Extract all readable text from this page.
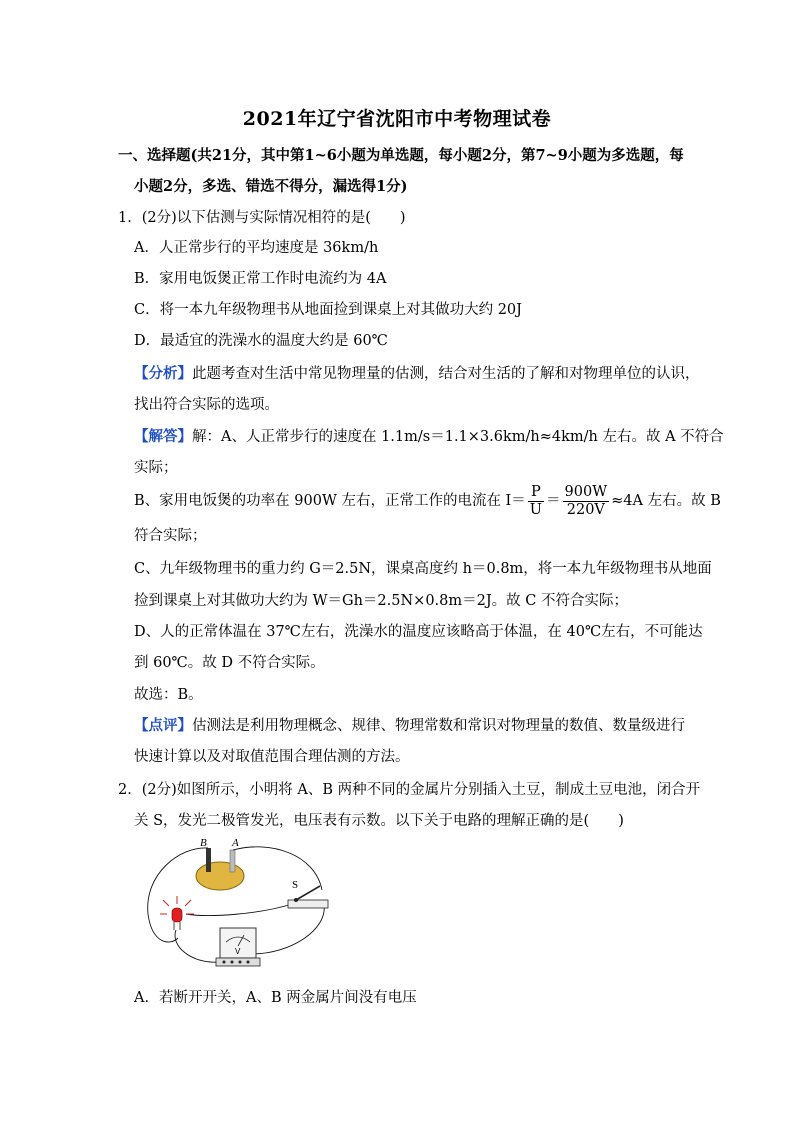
2021年辽宁省沈阳市中考物理试卷
一、选择题(共21分，其中第1~6小题为单选题，每小题2分，第7~9小题为多选题，每
小题2分，多选、错选不得分，漏选得1分)
1．(2分)以下估测与实际情况相符的是(　　)
A．人正常步行的平均速度是 36km/h
B．家用电饭煲正常工作时电流约为 4A
C．将一本九年级物理书从地面捡到课桌上对其做功大约 20J
D．最适宜的洗澡水的温度大约是 60℃
【分析】此题考查对生活中常见物理量的估测，结合对生活的了解和对物理单位的认识，
找出符合实际的选项。
【解答】解：A、人正常步行的速度在 1.1m/s＝1.1×3.6km/h≈4km/h 左右。故 A 不符合
实际；
B、家用电饭煲的功率在 900W 左右，正常工作的电流在 $I= \frac{P}{U} = \frac{900W}{220V} \approx 4A$ 左右。故 B
符合实际；
C、九年级物理书的重力约 G＝2.5N，课桌高度约 h＝0.8m，将一本九年级物理书从地面
捡到课桌上对其做功大约为 W＝Gh＝2.5N×0.8m＝2J。故 C 不符合实际；
D、人的正常体温在 37℃左右，洗澡水的温度应该略高于体温，在 40℃左右，不可能达
到 60℃。故 D 不符合实际。
故选：B。
【点评】估测法是利用物理概念、规律、物理常数和常识对物理量的数值、数量级进行
快速计算以及对取值范围合理估测的方法。
2．(2分)如图所示，小明将 A、B 两种不同的金属片分别插入土豆，制成土豆电池，闭合开
关 S，发光二极管发光，电压表有示数。以下关于电路的理解正确的是(　　)
B A
S
V
A．若断开开关，A、B 两金属片间没有电压
